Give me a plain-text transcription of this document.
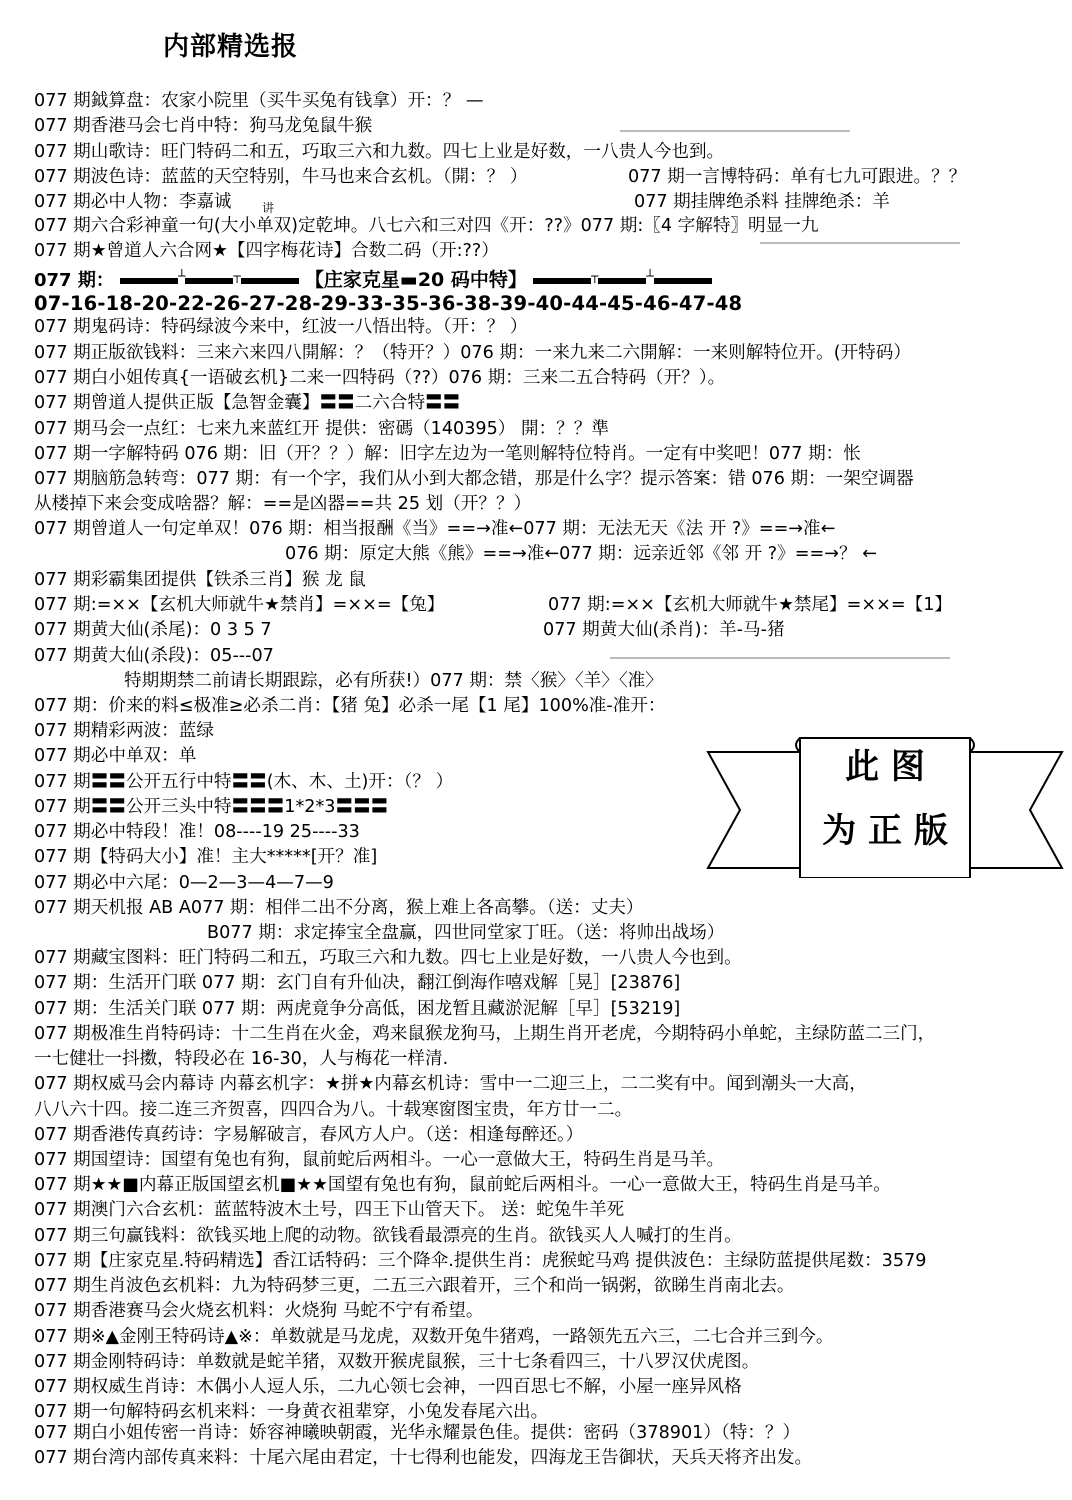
内部精选报
077 期鉞算盘：农家小院里（买牛买兔有钱拿）开：？ —
077 期香港马会七肖中特：狗马龙兔鼠牛猴
077 期山歌诗：旺门特码二和五，巧取三六和九数。四七上业是好数，一八贵人今也到。
077 期波色诗：蓝蓝的天空特别，牛马也来合玄机。（開：？ ）	077 期一言博特码：单有七九可跟进。？？
077 期必中人物：李嘉诚	讲	077 期挂牌绝杀料 挂牌绝杀：羊
077 期六合彩神童一句(大小单双)定乾坤。八七六和三对四《开：??》077 期:〖4 字解特〗明显一九
077 期★曾道人六合网★【四字梅花诗】合数二码（开:??）
077 期：	┴	┬	【庄家克星▬20 码中特】	┬	┴
07-16-18-20-22-26-27-28-29-33-35-36-38-39-40-44-45-46-47-48
077 期鬼码诗：特码绿波今来中，红波一八悟出特。（开：？ ）
077 期正版欲钱料：三来六来四八開解：？（特开？）076 期：一来九来二六開解：一来则解特位开。(开特码）
077 期白小姐传真{一语破玄机}二来一四特码（??）076 期：三来二五合特码（开？）。
077 期曾道人提供正版【急智金囊】〓〓二六合特〓〓
077 期马会一点红：七来九来蓝红开 提供：密碼（140395） 開：？？準
077 期一字解特码 076 期：旧（开？？）解：旧字左边为一笔则解特位特肖。一定有中奖吧！077 期：怅
077 期脑筋急转弯：077 期：有一个字，我们从小到大都念错，那是什么字？提示答案：错 076 期：一架空调器
从楼掉下来会变成啥器？解：==是凶器==共 25 划（开？？）
077 期曾道人一句定单双！076 期：相当报酬《当》==→准←077 期：无法无天《法 开 ?》==→准←
076 期：原定大熊《熊》==→准←077 期：远亲近邻《邻 开 ?》==→？ ←
077 期彩霸集团提供【铁杀三肖】猴 龙 鼠
077 期:=××【玄机大师就牛★禁肖】=××=【兔】	077 期:=××【玄机大师就牛★禁尾】=××=【1】
077 期黄大仙(杀尾)：0 3 5 7	077 期黄大仙(杀肖)：羊-马-猪
077 期黄大仙(杀段)：05---07
特期期禁二前请长期跟踪，必有所获!）077 期：禁〈猴〉〈羊〉〈准〉
077 期：价来的料≤极准≥必杀二肖：【猪 兔】必杀一尾【1 尾】100%准-准开：
077 期精彩两波：蓝绿
077 期必中单双：单
077 期〓〓公开五行中特〓〓(木、木、土)开：（？ ）
077 期〓〓公开三头中特〓〓〓1*2*3〓〓〓
077 期必中特段！准！08----19 25----33
077 期【特码大小】准！主大*****[开？准]
077 期必中六尾：0—2—3—4—7—9
077 期天机报 AB A077 期：相伴二出不分离，猴上难上各高攀。（送：丈夫）
B077 期：求定捧宝全盘赢，四世同堂家丁旺。（送：将帅出战场）
077 期藏宝图料：旺门特码二和五，巧取三六和九数。四七上业是好数，一八贵人今也到。
077 期：生活开门联 077 期：玄门自有升仙决，翻江倒海作嘻戏解［晃］[23876]
077 期：生活关门联 077 期：两虎竟争分高低，困龙暂且藏淤泥解［早］[53219]
077 期极准生肖特码诗：十二生肖在火金，鸡来鼠猴龙狗马，上期生肖开老虎，今期特码小单蛇，主绿防蓝二三门，
一七健壮一抖擞，特段必在 16-30，人与梅花一样清.
077 期权威马会内幕诗 内幕玄机字：★拼★内幕玄机诗：雪中一二迎三上，二二奖有中。闻到潮头一大高，
八八六十四。接二连三齐贺喜，四四合为八。十载寒窗图宝贵，年方廿一二。
077 期香港传真药诗：字易解破言，春风方人户。（送：相逢每醉还。）
077 期国望诗：国望有兔也有狗，鼠前蛇后两相斗。一心一意做大王，特码生肖是马羊。
077 期★★■内幕正版国望玄机■★★国望有兔也有狗，鼠前蛇后两相斗。一心一意做大王，特码生肖是马羊。
077 期澳门六合玄机：蓝蓝特波木土号，四王下山管天下。 送：蛇兔牛羊死
077 期三句赢钱料：欲钱买地上爬的动物。欲钱看最漂亮的生肖。欲钱买人人喊打的生肖。
077 期【庄家克星.特码精选】香江话特码：三个降伞.提供生肖：虎猴蛇马鸡 提供波色：主绿防蓝提供尾数：3579
077 期生肖波色玄机料：九为特码梦三更，二五三六跟着开，三个和尚一锅粥，欲睇生肖南北去。
077 期香港赛马会火烧玄机料：火烧狗 马蛇不宁有希望。
077 期※▲金刚王特码诗▲※：单数就是马龙虎，双数开兔牛猪鸡，一路领先五六三，二七合并三到今。
077 期金刚特码诗：单数就是蛇羊猪，双数开猴虎鼠猴，三十七条看四三，十八罗汉伏虎图。
077 期权威生肖诗：木偶小人逗人乐，二九心领七会神，一四百思七不解，小屋一座异风格
077 期一句解特码玄机来料：一身黄衣祖辈穿，小兔发春尾六出。
077 期白小姐传密一肖诗：娇容神曦映朝霞，光华永耀景色佳。提供：密码（378901）（特：？）
077 期台湾内部传真来料：十尾六尾由君定，十七得利也能发，四海龙王告御状，天兵天将齐出发。
此 图
为 正 版
